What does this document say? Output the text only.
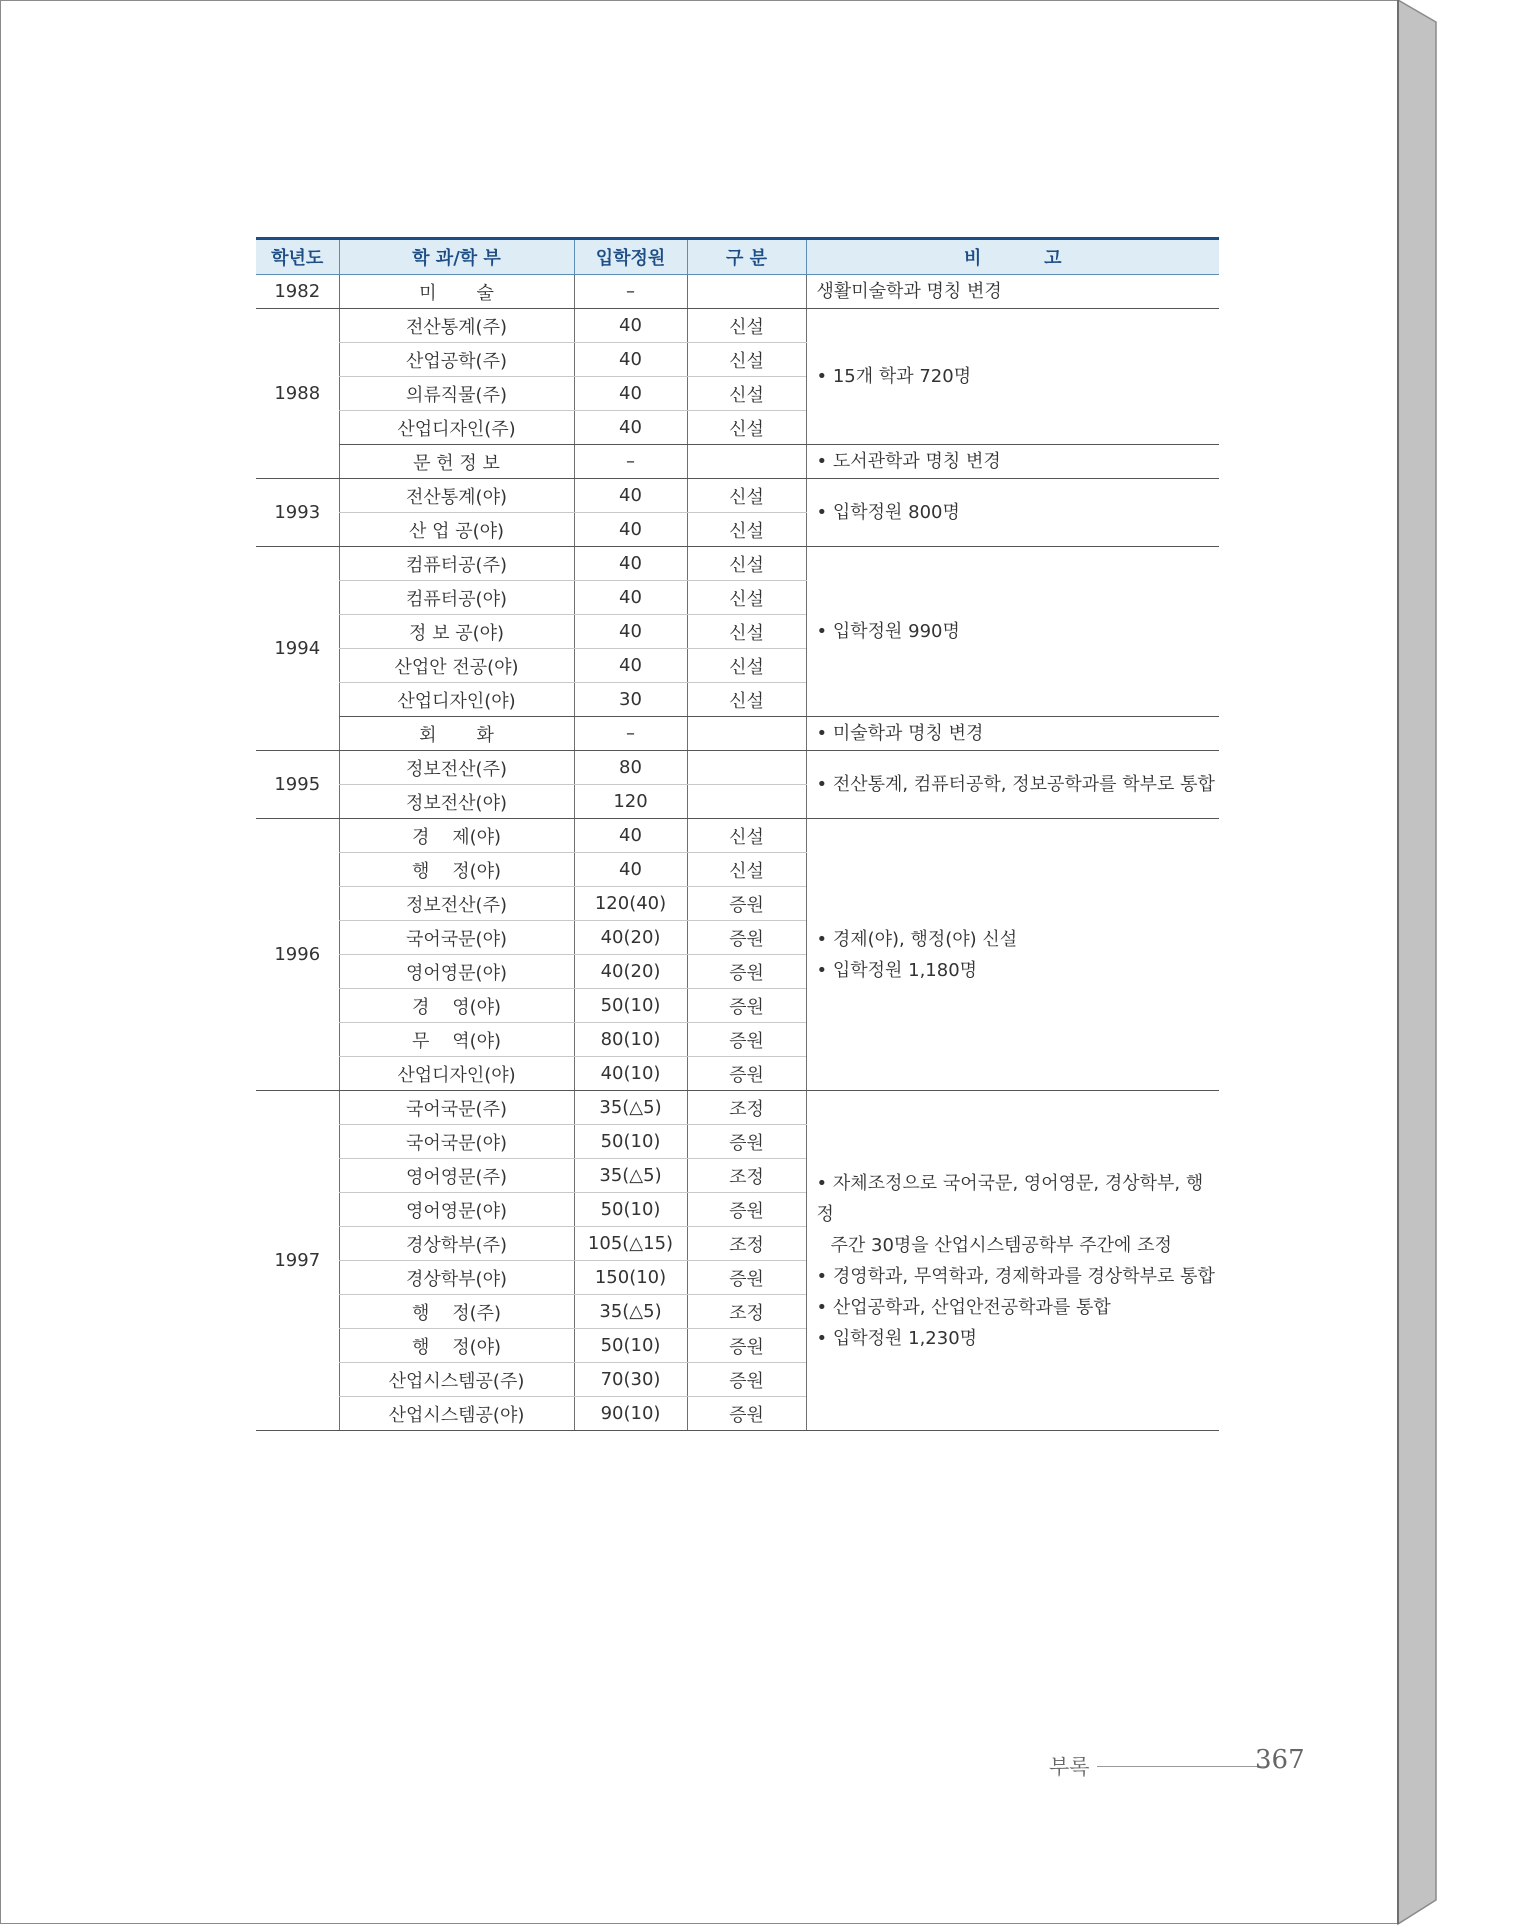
학년도	학 과/학 부	입학정원	구 분	비          고
1982	미       술	–		생활미술학과 명칭 변경
1988	전산통계(주)	40	신설	• 15개 학과 720명
	산업공학(주)	40	신설	
	의류직물(주)	40	신설	
	산업디자인(주)	40	신설	
	문 헌 정 보	–		• 도서관학과 명칭 변경
1993	전산통계(야)	40	신설	• 입학정원 800명
	산 업 공(야)	40	신설	
1994	컴퓨터공(주)	40	신설	• 입학정원 990명
	컴퓨터공(야)	40	신설	
	정 보 공(야)	40	신설	
	산업안 전공(야)	40	신설	
	산업디자인(야)	30	신설	
	회       화	–		• 미술학과 명칭 변경
1995	정보전산(주)	80		• 전산통계, 컴퓨터공학, 정보공학과를 학부로 통합
	정보전산(야)	120		
1996	경    제(야)	40	신설	• 경제(야), 행정(야) 신설
• 입학정원 1,180명

	행    정(야)	40	신설	
	정보전산(주)	120(40)	증원	
	국어국문(야)	40(20)	증원	
	영어영문(야)	40(20)	증원	
	경    영(야)	50(10)	증원	
	무    역(야)	80(10)	증원	
	산업디자인(야)	40(10)	증원	
1997	국어국문(주)	35(△5)	조정	• 자체조정으로 국어국문, 영어영문, 경상학부, 행정
주간 30명을 산업시스템공학부 주간에 조정
• 경영학과, 무역학과, 경제학과를 경상학부로 통합
• 산업공학과, 산업안전공학과를 통합
• 입학정원 1,230명

	국어국문(야)	50(10)	증원	
	영어영문(주)	35(△5)	조정	
	영어영문(야)	50(10)	증원	
	경상학부(주)	105(△15)	조정	
	경상학부(야)	150(10)	증원	
	행    정(주)	35(△5)	조정	
	행    정(야)	50(10)	증원	
	산업시스템공(주)	70(30)	증원	
	산업시스템공(야)	90(10)	증원	
부록	367
